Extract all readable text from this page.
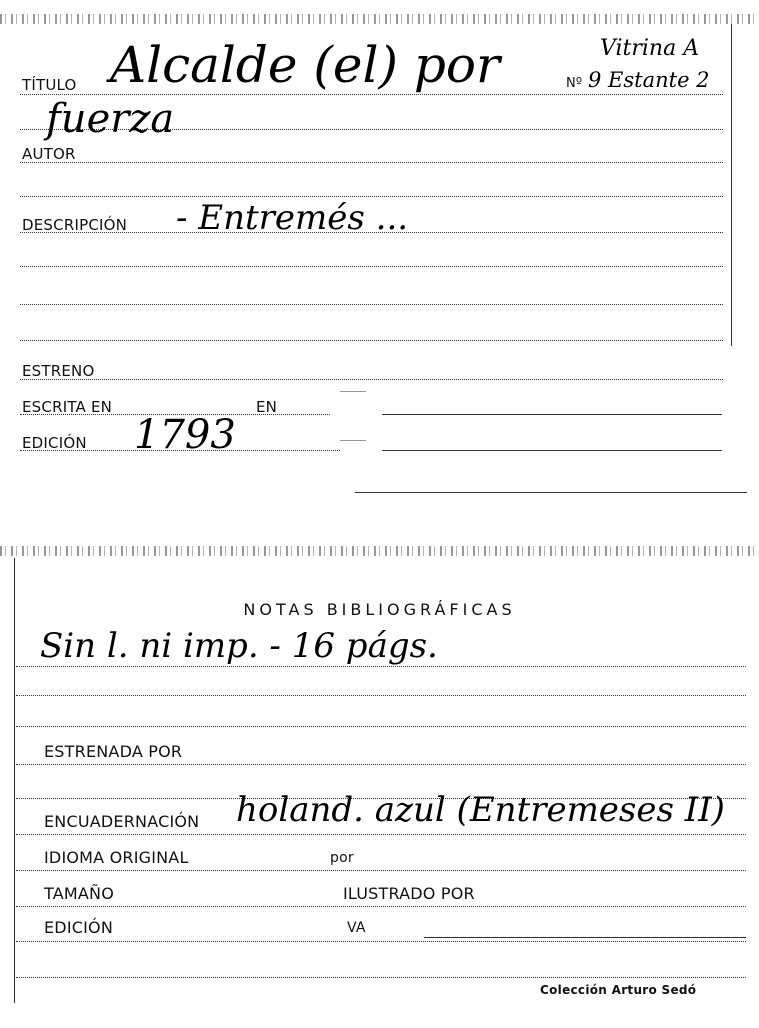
TÍTULO Alcalde (el) por	Vitrina A
Nº 9 Estante 2
fuerza
AUTOR
DESCRIPCIÓN - Entremés ...
ESTRENO
ESCRITA EN	EN
EDICIÓN 1793
NOTAS BIBLIOGRÁFICAS
Sin l. ni imp. - 16 págs.
ESTRENADA POR
ENCUADERNACIÓN holand. azul (Entremeses II)
IDIOMA ORIGINAL	por
TAMAÑO	ILUSTRADO POR
EDICIÓN	VA
Colección Arturo Sedó
